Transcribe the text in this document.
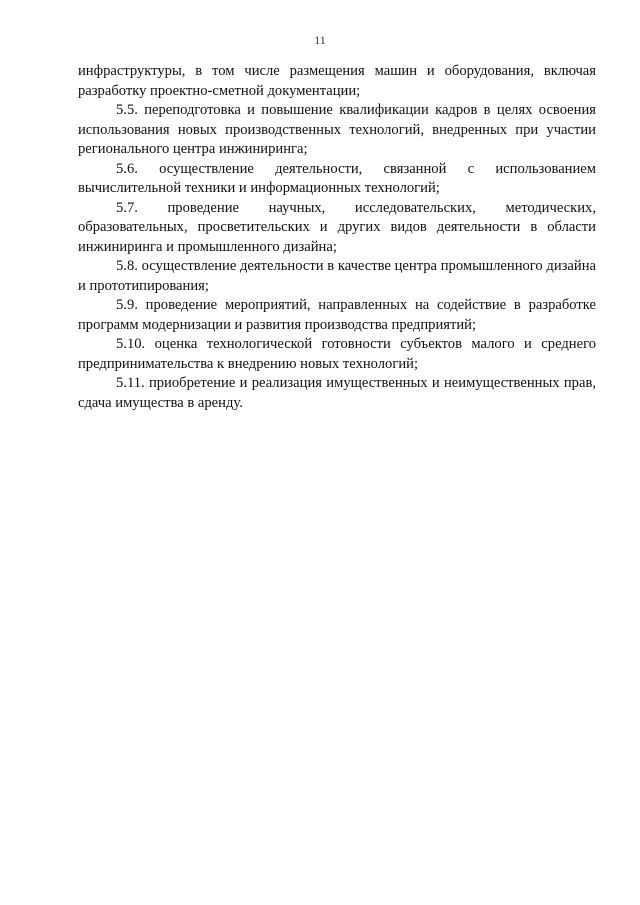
11

инфраструктуры, в том числе размещения машин и оборудования, включая разработку проектно-сметной документации;

5.5. переподготовка и повышение квалификации кадров в целях освоения использования новых производственных технологий, внедренных при участии регионального центра инжиниринга;

5.6. осуществление деятельности, связанной с использованием вычислительной техники и информационных технологий;

5.7. проведение научных, исследовательских, методических, образовательных, просветительских и других видов деятельности в области инжиниринга и промышленного дизайна;

5.8. осуществление деятельности в качестве центра промышленного дизайна и прототипирования;

5.9. проведение мероприятий, направленных на содействие в разработке программ модернизации и развития производства предприятий;

5.10. оценка технологической готовности субъектов малого и среднего предпринимательства к внедрению новых технологий;

5.11. приобретение и реализация имущественных и неимущественных прав, сдача имущества в аренду.
